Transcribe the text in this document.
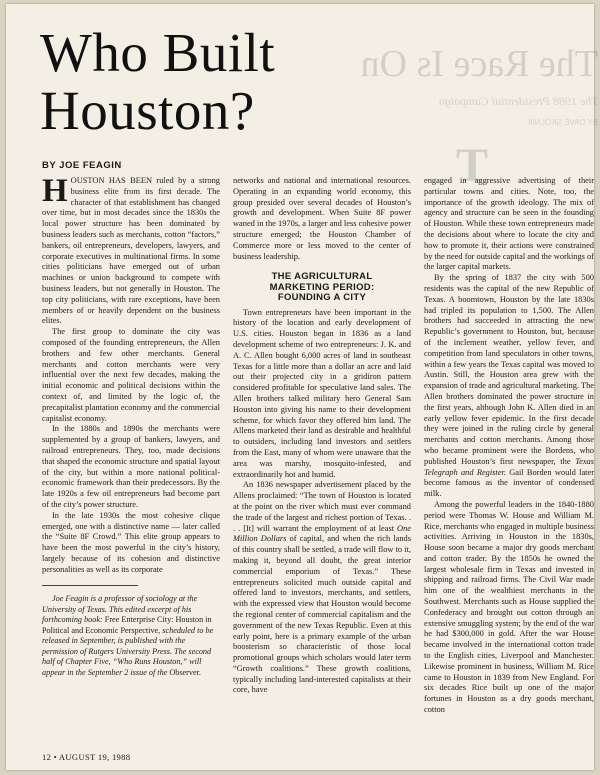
The Race Is On
The 1988 Presidential Campaign
BY DAVE SKOLNIK
T
Who Built
Houston?
BY JOE FEAGIN

HOUSTON HAS BEEN ruled by a strong business elite from its first decade. The character of that establishment has changed over time, but in most decades since the 1830s the local power structure has been dominated by business leaders such as merchants, cotton “factors,” bankers, oil entrepreneurs, developers, lawyers, and corporate executives in multinational firms. In some cities politicians have emerged out of urban machines or union background to compete with business leaders, but not generally in Houston. The top city politicians, with rare exceptions, have been members of or heavily dependent on the business elites.

The first group to dominate the city was composed of the founding entrepreneurs, the Allen brothers and few other merchants. General merchants and cotton merchants were very influential over the next few decades, making the initial economic and political decisions within the context of, and limited by the logic of, the precapitalist plantation economy and the commercial capitalist economy.

In the 1880s and 1890s the merchants were supplemented by a group of bankers, lawyers, and railroad entrepreneurs. They, too, made decisions that shaped the economic structure and spatial layout of the city, but within a more national political-economic framework than their predecessors. By the late 1920s a few oil entrepreneurs had become part of the city’s power structure.

In the late 1930s the most cohesive clique emerged, one with a distinctive name — later called the “Suite 8F Crowd.” This elite group appears to have been the most powerful in the city’s history, largely because of its cohesion and distinctive personalities as well as its corporate

Joe Feagin is a professor of sociology at the University of Texas. This edited excerpt of his forthcoming book: Free Enterprise City: Houston in Political and Economic Perspective, scheduled to be released in September, is published with the permission of Rutgers University Press. The second half of Chapter Five, “Who Runs Houston,” will appear in the September 2 issue of the Observer.

networks and national and international resources. Operating in an expanding world economy, this group presided over several decades of Houston’s growth and development. When Suite 8F power waned in the 1970s, a larger and less cohesive power structure emerged; the Houston Chamber of Commerce more or less moved to the center of business leadership.

THE AGRICULTURAL
MARKETING PERIOD:
FOUNDING A CITY

Town entrepreneurs have been important in the history of the location and early development of U.S. cities. Houston began in 1836 as a land development scheme of two entrepreneurs: J. K. and A. C. Allen bought 6,000 acres of land in southeast Texas for a little more than a dollar an acre and laid out their projected city in a gridiron pattern considered profitable for speculative land sales. The Allen brothers talked military hero General Sam Houston into giving his name to their development scheme, for which favor they offered him land. The Allens marketed their land as desirable and healthful to outsiders, including land investors and settlers from the East, many of whom were unaware that the area was marshy, mosquito-infested, and extraordinarily hot and humid.

An 1836 newspaper advertisement placed by the Allens proclaimed: “The town of Houston is located at the point on the river which must ever command the trade of the largest and richest portion of Texas. . . . [It] will warrant the employment of at least One Million Dollars of capital, and when the rich lands of this country shall be settled, a trade will flow to it, making it, beyond all doubt, the great interior commercial emporium of Texas.” These entrepreneurs solicited much outside capital and offered land to investors, merchants, and settlers, with the expressed view that Houston would become the regional center of commercial capitalism and the government of the new Texas Republic. Even at this early point, here is a primary example of the urban boosterism so characteristic of those local promotional groups which scholars would later term “Growth coalitions.” These growth coalitions, typically including land-interested capitalists at their core, have

engaged in aggressive advertising of their particular towns and cities. Note, too, the importance of the growth ideology. The mix of agency and structure can be seen in the founding of Houston. While these town entrepreneurs made the decisions about where to locate the city and how to promote it, their actions were constrained by the need for outside capital and the workings of the larger capital markets.

By the spring of 1837 the city with 500 residents was the capital of the new Republic of Texas. A boomtown, Houston by the late 1830s had tripled its population to 1,500. The Allen brothers had succeeded in attracting the new Republic’s government to Houston, but, because of the inclement weather, yellow fever, and competition from land speculators in other towns, within a few years the Texas capital was moved to Austin. Still, the Houston area grew with the expansion of trade and agricultural marketing. The Allen brothers dominated the power structure in the first years, although John K. Allen died in an early yellow fever epidemic. In the first decade they were joined in the ruling circle by general merchants and cotton merchants. Among those who became prominent were the Bordens, who published Houston’s first newspaper, the Texas Telegraph and Register. Gail Borden would later become famous as the inventor of condensed milk.

Among the powerful leaders in the 1840-1880 period were Thomas W. House and William M. Rice, merchants who engaged in multiple business activities. Arriving in Houston in the 1830s, House soon became a major dry goods merchant and cotton trader. By the 1850s he owned the largest wholesale firm in Texas and invested in shipping and railroad firms. The Civil War made him one of the wealthiest merchants in the Southwest. Merchants such as House supplied the Confederacy and brought out cotton through an extensive smuggling system; by the end of the war he had $300,000 in gold. After the war House became involved in the international cotton trade to the English cities, Liverpool and Manchester. Likewise prominent in business, William M. Rice came to Houston in 1839 from New England. For six decades Rice built up one of the major fortunes in Houston as a dry goods merchant, cotton

12 • AUGUST 19, 1988
